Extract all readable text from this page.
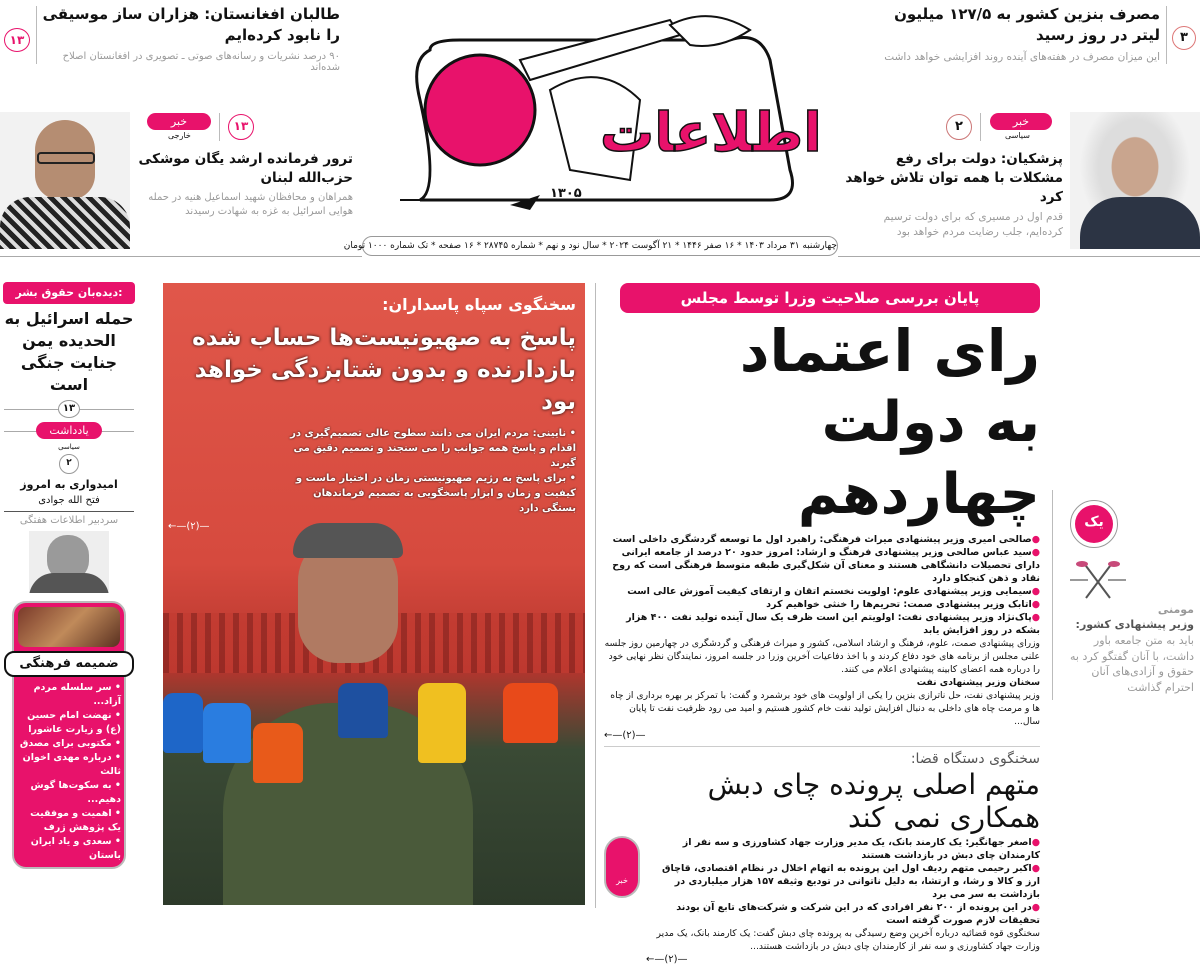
مصرف بنزین کشور به ۱۲۷/۵ میلیون لیتر در روز رسید
این میزان مصرف در هفته‌های آینده روند افزایشی خواهد داشت
۳
۱۳
طالبان افغانستان: هزاران ساز موسیقی را نابود کرده‌ایم
۹۰ درصد نشریات و رسانه‌های صوتی ـ تصویری در افغانستان اصلاح شده‌اند
اطلاعات
۱۳۰۵
خبر
سیاسی
۲
پزشکیان: دولت برای رفع مشکلات با همه توان تلاش خواهد کرد
قدم اول در مسیری که برای دولت ترسیم کرده‌ایم، جلب رضایت مردم خواهد بود
خبر
خارجی
۱۳
ترور فرمانده ارشد یگان موشکی حزب‌الله لبنان
همراهان و محافظان شهید اسماعیل هنیه در حمله هوایی اسرائیل به غزه به شهادت رسیدند
چهارشنبه ۳۱ مرداد ۱۴۰۳ * ۱۶ صفر ۱۴۴۶ * ۲۱ آگوست ۲۰۲۴ * سال نود و نهم * شماره ۲۸۷۴۵ * ۱۶ صفحه * تک شماره ۱۰۰۰ تومان
دیده‌بان حقوق بشر:
حمله اسرائیل به الحدیده یمن جنایت جنگی است
۱۳
یادداشت
سیاسی
۲
امیدواری به امروز
فتح الله جوادی
سردبیر اطلاعات هفتگی
ضمیمه فرهنگی
• سر سلسله مردم آزاد...
• نهضت امام حسین (ع) و زیارت عاشورا
• مکتوبی برای مصدق
• درباره مهدی اخوان ثالث
• به سکوت‌ها گوش دهیم...
• اهمیت و موفقیت یک پژوهش ژرف
• سعدی و یاد ایران باستان
سخنگوی سپاه پاسداران:
پاسخ به صهیونیست‌ها حساب شده
بازدارنده و بدون شتابزدگی خواهد بود
• نایینی: مردم ایران می دانند سطوح عالی تصمیم‌گیری در اقدام و پاسخ همه جوانب را می سنجند و تصمیم دقیق می گیرند
• برای پاسخ به رژیم صهیونیستی زمان در اختیار ماست و کیفیت و زمان و ابزار پاسخگویی به تصمیم فرماندهان بستگی دارد
←—(۲)—
پایان بررسی صلاحیت وزرا توسط مجلس
رای اعتماد
به دولت چهاردهم
●صالحی امیری وزیر پیشنهادی میراث فرهنگی: راهبرد اول ما توسعه گردشگری داخلی است
●سید عباس صالحی وزیر پیشنهادی فرهنگ و ارشاد: امروز حدود ۲۰ درصد از جامعه ایرانی دارای تحصیلات دانشگاهی هستند و معنای آن شکل‌گیری طبقه متوسط فرهنگی است که روح نقاد و ذهن کنجکاو دارد
●سیمایی وزیر پیشنهادی علوم: اولویت نخستم اتقان و ارتقای کیفیت آموزش عالی است
●اتابک وزیر پیشنهادی صمت: تحریم‌ها را خنثی خواهیم کرد
●پاک‌نژاد وزیر پیشنهادی نفت: اولویتم این است ظرف یک سال آینده تولید نفت ۴۰۰ هزار بشکه در روز افزایش یابد
وزرای پیشنهادی صمت، علوم، فرهنگ و ارشاد اسلامی، کشور و میراث فرهنگی و گردشگری در چهارمین روز جلسه علنی مجلس از برنامه های خود دفاع کردند و با اخذ دفاعیات آخرین وزرا در جلسه امروز، نمایندگان نظر نهایی خود را درباره همه اعضای کابینه پیشنهادی اعلام می کنند.
سخنان وزیر پیشنهادی نفت
وزیر پیشنهادی نفت، حل ناترازی بنزین را یکی از اولویت های خود برشمرد و گفت: با تمرکز بر بهره برداری از چاه ها و مرمت چاه های داخلی به دنبال افزایش تولید نفت خام کشور هستیم و امید می رود ظرفیت نفت تا پایان سال...
←—(۲)—
سخنگوی دستگاه قضا:
متهم اصلی پرونده چای دبش
همکاری نمی کند
●اصغر جهانگیر: یک کارمند بانک، یک مدیر وزارت جهاد کشاورزی و سه نفر از کارمندان چای دبش در بازداشت هستند
●اکبر رحیمی متهم ردیف اول این پرونده به اتهام اخلال در نظام اقتصادی، قاچاق ارز و کالا و رشا، و ارتشا، به دلیل ناتوانی در تودیع وثیقه ۱۵۷ هزار میلیاردی در بازداشت به سر می برد
●در این پرونده از ۲۰۰ نفر افرادی که در این شرکت و شرکت‌های تابع آن بودند تحقیقات لازم صورت گرفته است
سخنگوی قوه قضائیه درباره آخرین وضع رسیدگی به پرونده چای دبش گفت: یک کارمند بانک، یک مدیر وزارت جهاد کشاورزی و سه نفر از کارمندان چای دبش در بازداشت هستند...
←—(۲)—
خبر
یک
مومنی
وزیر پیشنهادی کشور:
باید به متن جامعه باور داشت، با آنان گفتگو کرد به حقوق و آزادی‌های آنان احترام گذاشت
